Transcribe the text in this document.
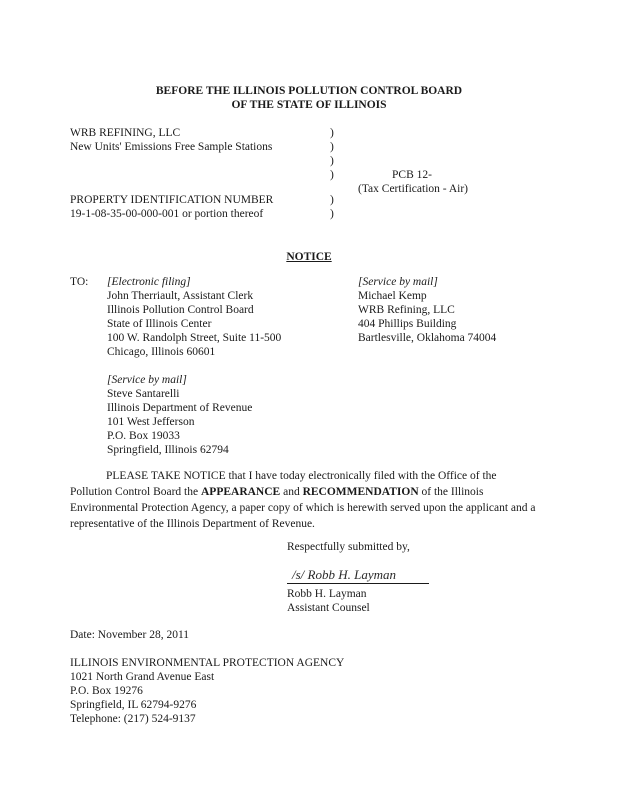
BEFORE THE ILLINOIS POLLUTION CONTROL BOARD
OF THE STATE OF ILLINOIS
WRB REFINING, LLC
New Units' Emissions Free Sample Stations
PROPERTY IDENTIFICATION NUMBER
19-1-08-35-00-000-001 or portion thereof
)
)
)
)
)
)
PCB 12-
(Tax Certification - Air)
NOTICE
TO: [Electronic filing]
John Therriault, Assistant Clerk
Illinois Pollution Control Board
State of Illinois Center
100 W. Randolph Street, Suite 11-500
Chicago, Illinois 60601
[Service by mail]
Michael Kemp
WRB Refining, LLC
404 Phillips Building
Bartlesville, Oklahoma 74004
[Service by mail]
Steve Santarelli
Illinois Department of Revenue
101 West Jefferson
P.O. Box 19033
Springfield, Illinois 62794
PLEASE TAKE NOTICE that I have today electronically filed with the Office of the Pollution Control Board the APPEARANCE and RECOMMENDATION of the Illinois Environmental Protection Agency, a paper copy of which is herewith served upon the applicant and a representative of the Illinois Department of Revenue.
Respectfully submitted by,
/s/ Robb H. Layman
Robb H. Layman
Assistant Counsel
Date: November 28, 2011
ILLINOIS ENVIRONMENTAL PROTECTION AGENCY
1021 North Grand Avenue East
P.O. Box 19276
Springfield, IL 62794-9276
Telephone: (217) 524-9137
